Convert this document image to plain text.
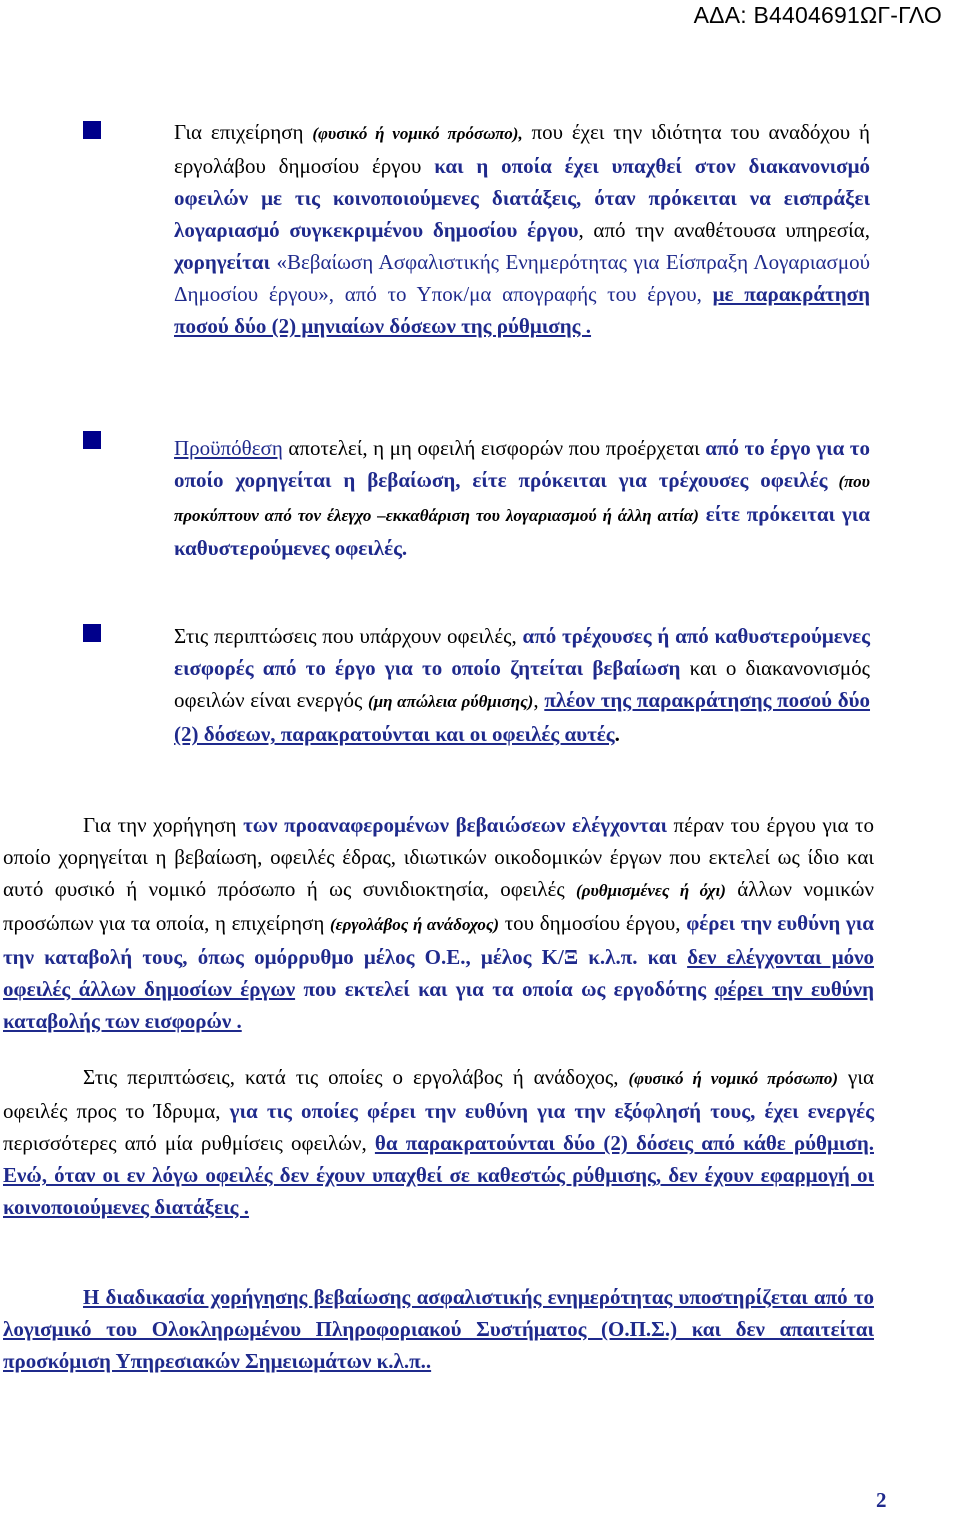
ΑΔΑ: Β4404691ΩΓ-ΓΛΟ
Για επιχείρηση (φυσικό ή νομικό πρόσωπο), που έχει την ιδιότητα του αναδόχου ή εργολάβου δημοσίου έργου και η οποία έχει υπαχθεί στον διακανονισμό οφειλών με τις κοινοποιούμενες διατάξεις, όταν πρόκειται να εισπράξει λογαριασμό συγκεκριμένου δημοσίου έργου, από την αναθέτουσα υπηρεσία, χορηγείται «Βεβαίωση Ασφαλιστικής Ενημερότητας για Είσπραξη Λογαριασμού Δημοσίου έργου», από το Υποκ/μα απογραφής του έργου, με παρακράτηση ποσού δύο (2) μηνιαίων δόσεων της ρύθμισης .
Προϋπόθεση αποτελεί, η μη οφειλή εισφορών που προέρχεται από το έργο για το οποίο χορηγείται η βεβαίωση, είτε πρόκειται για τρέχουσες οφειλές (που προκύπτουν από τον έλεγχο –εκκαθάριση του λογαριασμού ή άλλη αιτία) είτε πρόκειται για καθυστερούμενες οφειλές.
Στις περιπτώσεις που υπάρχουν οφειλές, από τρέχουσες ή από καθυστερούμενες εισφορές από το έργο για το οποίο ζητείται βεβαίωση και ο διακανονισμός οφειλών είναι ενεργός (μη απώλεια ρύθμισης), πλέον της παρακράτησης ποσού δύο (2) δόσεων, παρακρατούνται και οι οφειλές αυτές.
Για την χορήγηση των προαναφερομένων βεβαιώσεων ελέγχονται πέραν του έργου για το οποίο χορηγείται η βεβαίωση, οφειλές έδρας, ιδιωτικών οικοδομικών έργων που εκτελεί ως ίδιο και αυτό φυσικό ή νομικό πρόσωπο ή ως συνιδιοκτησία, οφειλές (ρυθμισμένες ή όχι) άλλων νομικών προσώπων για τα οποία, η επιχείρηση (εργολάβος ή ανάδοχος) του δημοσίου έργου, φέρει την ευθύνη για την καταβολή τους, όπως ομόρρυθμο μέλος Ο.Ε., μέλος Κ/Ξ κ.λ.π. και δεν ελέγχονται μόνο οφειλές άλλων δημοσίων έργων που εκτελεί και για τα οποία ως εργοδότης φέρει την ευθύνη καταβολής των εισφορών .
Στις περιπτώσεις, κατά τις οποίες ο εργολάβος ή ανάδοχος, (φυσικό ή νομικό πρόσωπο) για οφειλές προς το Ίδρυμα, για τις οποίες φέρει την ευθύνη για την εξόφλησή τους, έχει ενεργές περισσότερες από μία ρυθμίσεις οφειλών, θα παρακρατούνται δύο (2) δόσεις από κάθε ρύθμιση. Ενώ, όταν οι εν λόγω οφειλές δεν έχουν υπαχθεί σε καθεστώς ρύθμισης, δεν έχουν εφαρμογή οι κοινοποιούμενες διατάξεις .
Η διαδικασία χορήγησης βεβαίωσης ασφαλιστικής ενημερότητας υποστηρίζεται από το λογισμικό του Ολοκληρωμένου Πληροφοριακού Συστήματος (Ο.Π.Σ.) και δεν απαιτείται προσκόμιση Υπηρεσιακών Σημειωμάτων κ.λ.π..
2
